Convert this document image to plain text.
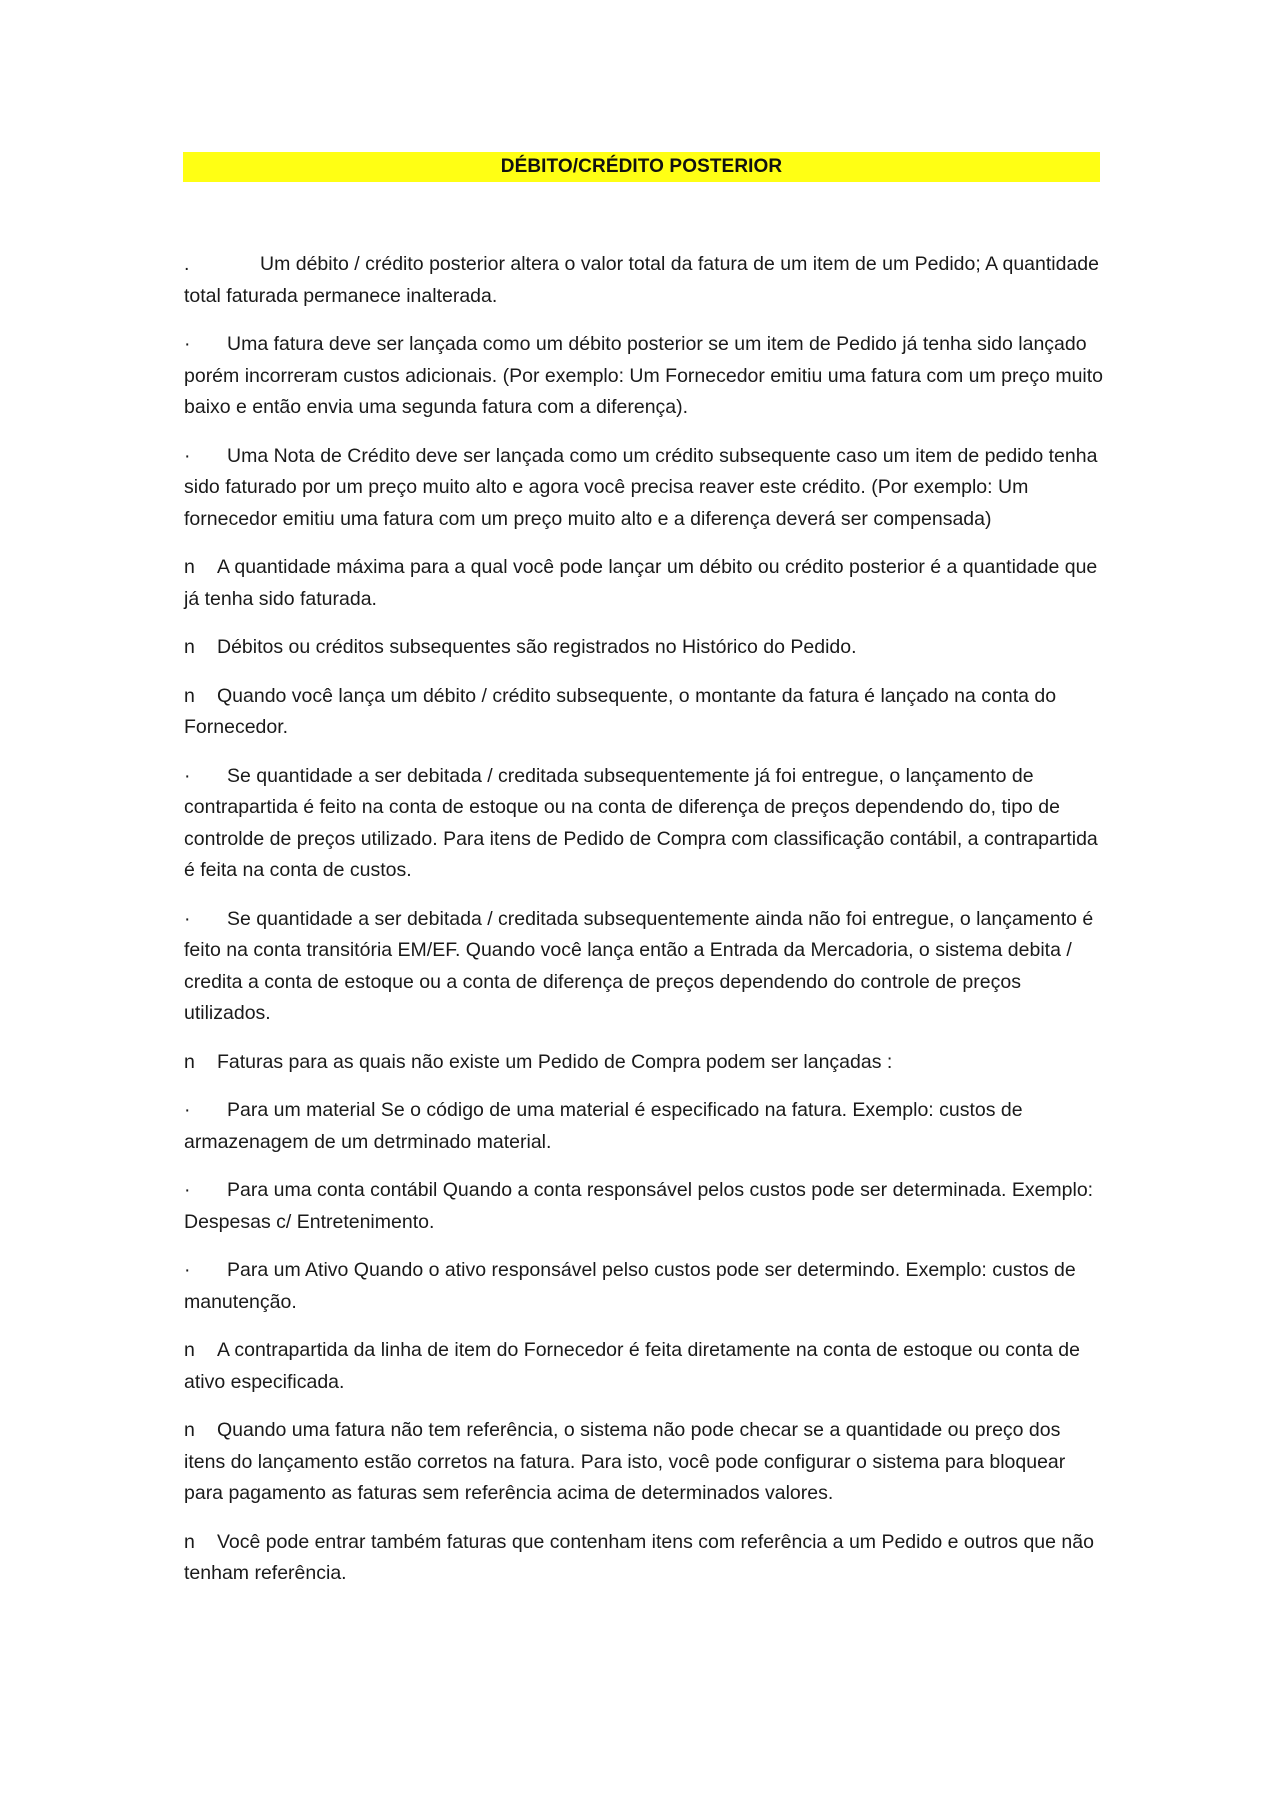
DÉBITO/CRÉDITO POSTERIOR

.	Um débito / crédito posterior altera o valor total da fatura de um item de um Pedido; A quantidade total faturada permanece inalterada.

· Uma fatura deve ser lançada como um débito posterior se um item de Pedido já tenha sido lançado porém incorreram custos adicionais. (Por exemplo: Um Fornecedor emitiu uma fatura com um preço muito baixo e então envia uma segunda fatura com a diferença).

· Uma Nota de Crédito deve ser lançada como um crédito subsequente caso um item de pedido tenha sido faturado por um preço muito alto e agora você precisa reaver este crédito. (Por exemplo: Um fornecedor emitiu uma fatura com um preço muito alto e a diferença deverá ser compensada)

n A quantidade máxima para a qual você pode lançar um débito ou crédito posterior é a quantidade que já tenha sido faturada.

n Débitos ou créditos subsequentes são registrados no Histórico do Pedido.

n Quando você lança um débito / crédito subsequente, o montante da fatura é lançado na conta do Fornecedor.

· Se quantidade a ser debitada / creditada subsequentemente já foi entregue, o lançamento de contrapartida é feito na conta de estoque ou na conta de diferença de preços dependendo do, tipo de controlde de preços utilizado. Para itens de Pedido de Compra com classificação contábil, a contrapartida é feita na conta de custos.

· Se quantidade a ser debitada / creditada subsequentemente ainda não foi entregue, o lançamento é feito na conta transitória EM/EF. Quando você lança então a Entrada da Mercadoria, o sistema debita / credita a conta de estoque ou a conta de diferença de preços dependendo do controle de preços utilizados.

n Faturas para as quais não existe um Pedido de Compra podem ser lançadas :

· Para um material Se o código de uma material é especificado na fatura. Exemplo: custos de armazenagem de um detrminado material.

· Para uma conta contábil Quando a conta responsável pelos custos pode ser determinada. Exemplo: Despesas c/ Entretenimento.

· Para um Ativo Quando o ativo responsável pelso custos pode ser determindo. Exemplo: custos de manutenção.

n A contrapartida da linha de item do Fornecedor é feita diretamente na conta de estoque ou conta de ativo especificada.

n Quando uma fatura não tem referência, o sistema não pode checar se a quantidade ou preço dos itens do lançamento estão corretos na fatura. Para isto, você pode configurar o sistema para bloquear para pagamento as faturas sem referência acima de determinados valores.

n Você pode entrar também faturas que contenham itens com referência a um Pedido e outros que não tenham referência.
